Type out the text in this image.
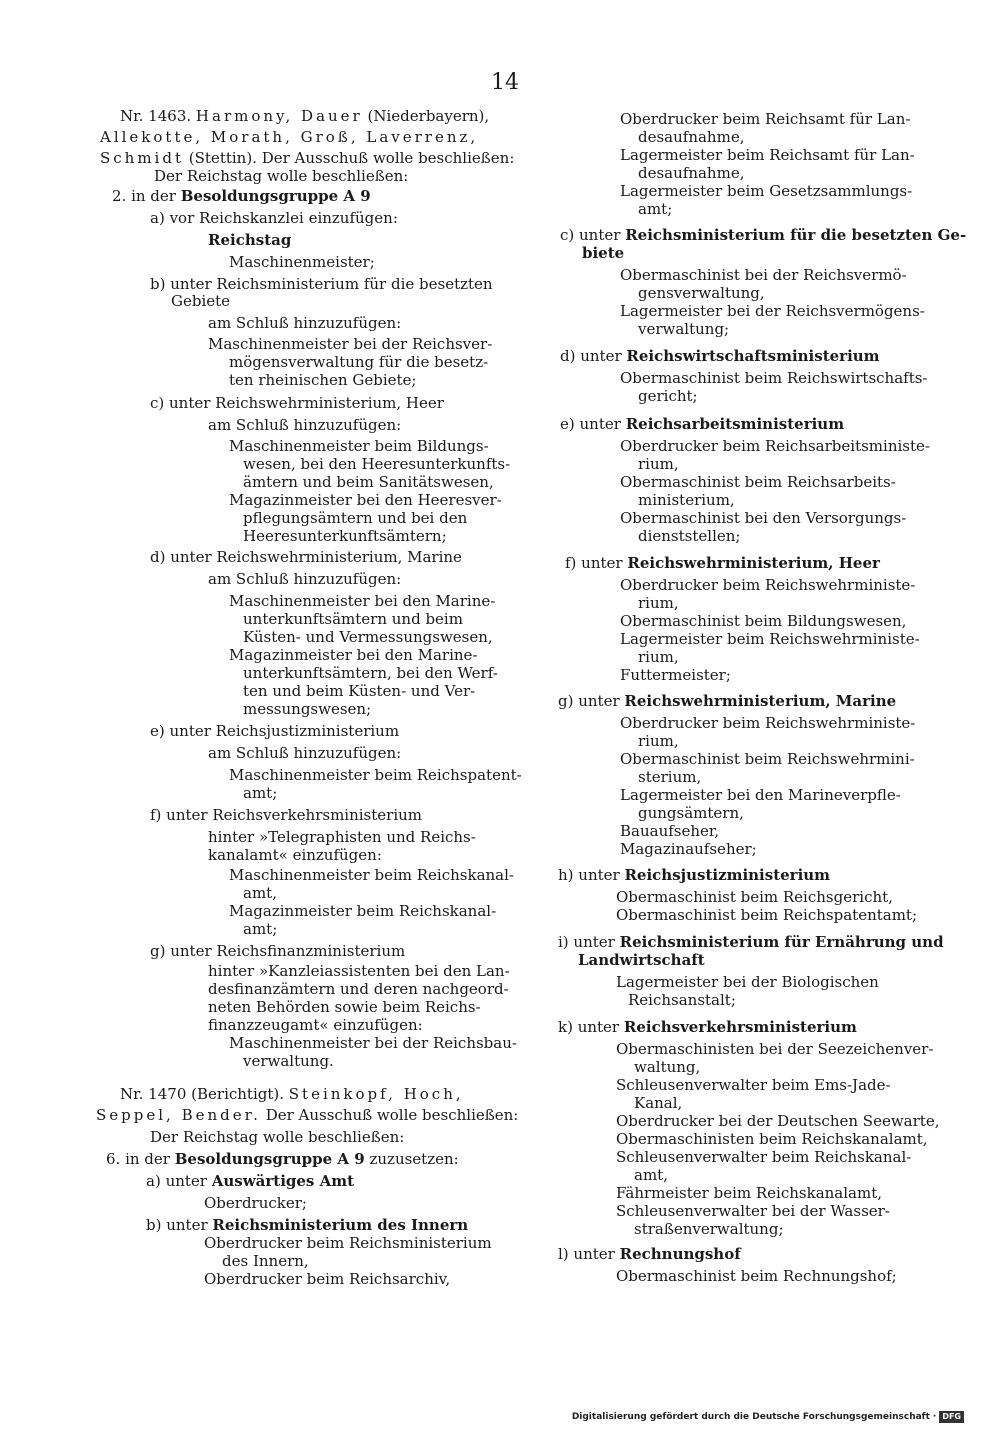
14
Nr. 1463. Harmony, Dauer (Niederbayern),
Allekotte, Morath, Groß, Laverrenz,
Schmidt (Stettin). Der Ausschuß wolle beschließen:
Der Reichstag wolle beschließen:
2. in der Besoldungsgruppe A 9
a) vor Reichskanzlei einzufügen:
Reichstag
Maschinenmeister;
b) unter Reichsministerium für die besetzten
Gebiete
am Schluß hinzuzufügen:
Maschinenmeister bei der Reichsver-
mögensverwaltung für die besetz-
ten rheinischen Gebiete;
c) unter Reichswehrministerium, Heer
am Schluß hinzuzufügen:
Maschinenmeister beim Bildungs-
wesen, bei den Heeresunterkunfts-
ämtern und beim Sanitätswesen,
Magazinmeister bei den Heeresver-
pflegungsämtern und bei den
Heeresunterkunftsämtern;
d) unter Reichswehrministerium, Marine
am Schluß hinzuzufügen:
Maschinenmeister bei den Marine-
unterkunftsämtern und beim
Küsten- und Vermessungswesen,
Magazinmeister bei den Marine-
unterkunftsämtern, bei den Werf-
ten und beim Küsten- und Ver-
messungswesen;
e) unter Reichsjustizministerium
am Schluß hinzuzufügen:
Maschinenmeister beim Reichspatent-
amt;
f) unter Reichsverkehrsministerium
hinter »Telegraphisten und Reichs-
kanalamt« einzufügen:
Maschinenmeister beim Reichskanal-
amt,
Magazinmeister beim Reichskanal-
amt;
g) unter Reichsfinanzministerium
hinter »Kanzleiassistenten bei den Lan-
desfinanzämtern und deren nachgeord-
neten Behörden sowie beim Reichs-
finanzzeugamt« einzufügen:
Maschinenmeister bei der Reichsbau-
verwaltung.
Nr. 1470 (Berichtigt). Steinkopf, Hoch,
Seppel, Bender. Der Ausschuß wolle beschließen:
Der Reichstag wolle beschließen:
6. in der Besoldungsgruppe A 9 zuzusetzen:
a) unter Auswärtiges Amt
Oberdrucker;
b) unter Reichsministerium des Innern
Oberdrucker beim Reichsministerium
des Innern,
Oberdrucker beim Reichsarchiv,
Oberdrucker beim Reichsamt für Lan-
desaufnahme,
Lagermeister beim Reichsamt für Lan-
desaufnahme,
Lagermeister beim Gesetzsammlungs-
amt;
c) unter Reichsministerium für die besetzten Ge-
biete
Obermaschinist bei der Reichsvermö-
gensverwaltung,
Lagermeister bei der Reichsvermögens-
verwaltung;
d) unter Reichswirtschaftsministerium
Obermaschinist beim Reichswirtschafts-
gericht;
e) unter Reichsarbeitsministerium
Oberdrucker beim Reichsarbeitsministe-
rium,
Obermaschinist beim Reichsarbeits-
ministerium,
Obermaschinist bei den Versorgungs-
dienststellen;
f) unter Reichswehrministerium, Heer
Oberdrucker beim Reichswehrministe-
rium,
Obermaschinist beim Bildungswesen,
Lagermeister beim Reichswehrministe-
rium,
Futtermeister;
g) unter Reichswehrministerium, Marine
Oberdrucker beim Reichswehrministe-
rium,
Obermaschinist beim Reichswehrmini-
sterium,
Lagermeister bei den Marineverpfle-
gungsämtern,
Bauaufseher,
Magazinaufseher;
h) unter Reichsjustizministerium
Obermaschinist beim Reichsgericht,
Obermaschinist beim Reichspatentamt;
i) unter Reichsministerium für Ernährung und
Landwirtschaft
Lagermeister bei der Biologischen
Reichsanstalt;
k) unter Reichsverkehrsministerium
Obermaschinisten bei der Seezeichenver-
waltung,
Schleusenverwalter beim Ems-Jade-
Kanal,
Oberdrucker bei der Deutschen Seewarte,
Obermaschinisten beim Reichskanalamt,
Schleusenverwalter beim Reichskanal-
amt,
Fährmeister beim Reichskanalamt,
Schleusenverwalter bei der Wasser-
straßenverwaltung;
l) unter Rechnungshof
Obermaschinist beim Rechnungshof;
Digitalisierung gefördert durch die Deutsche Forschungsgemeinschaft · DFG
